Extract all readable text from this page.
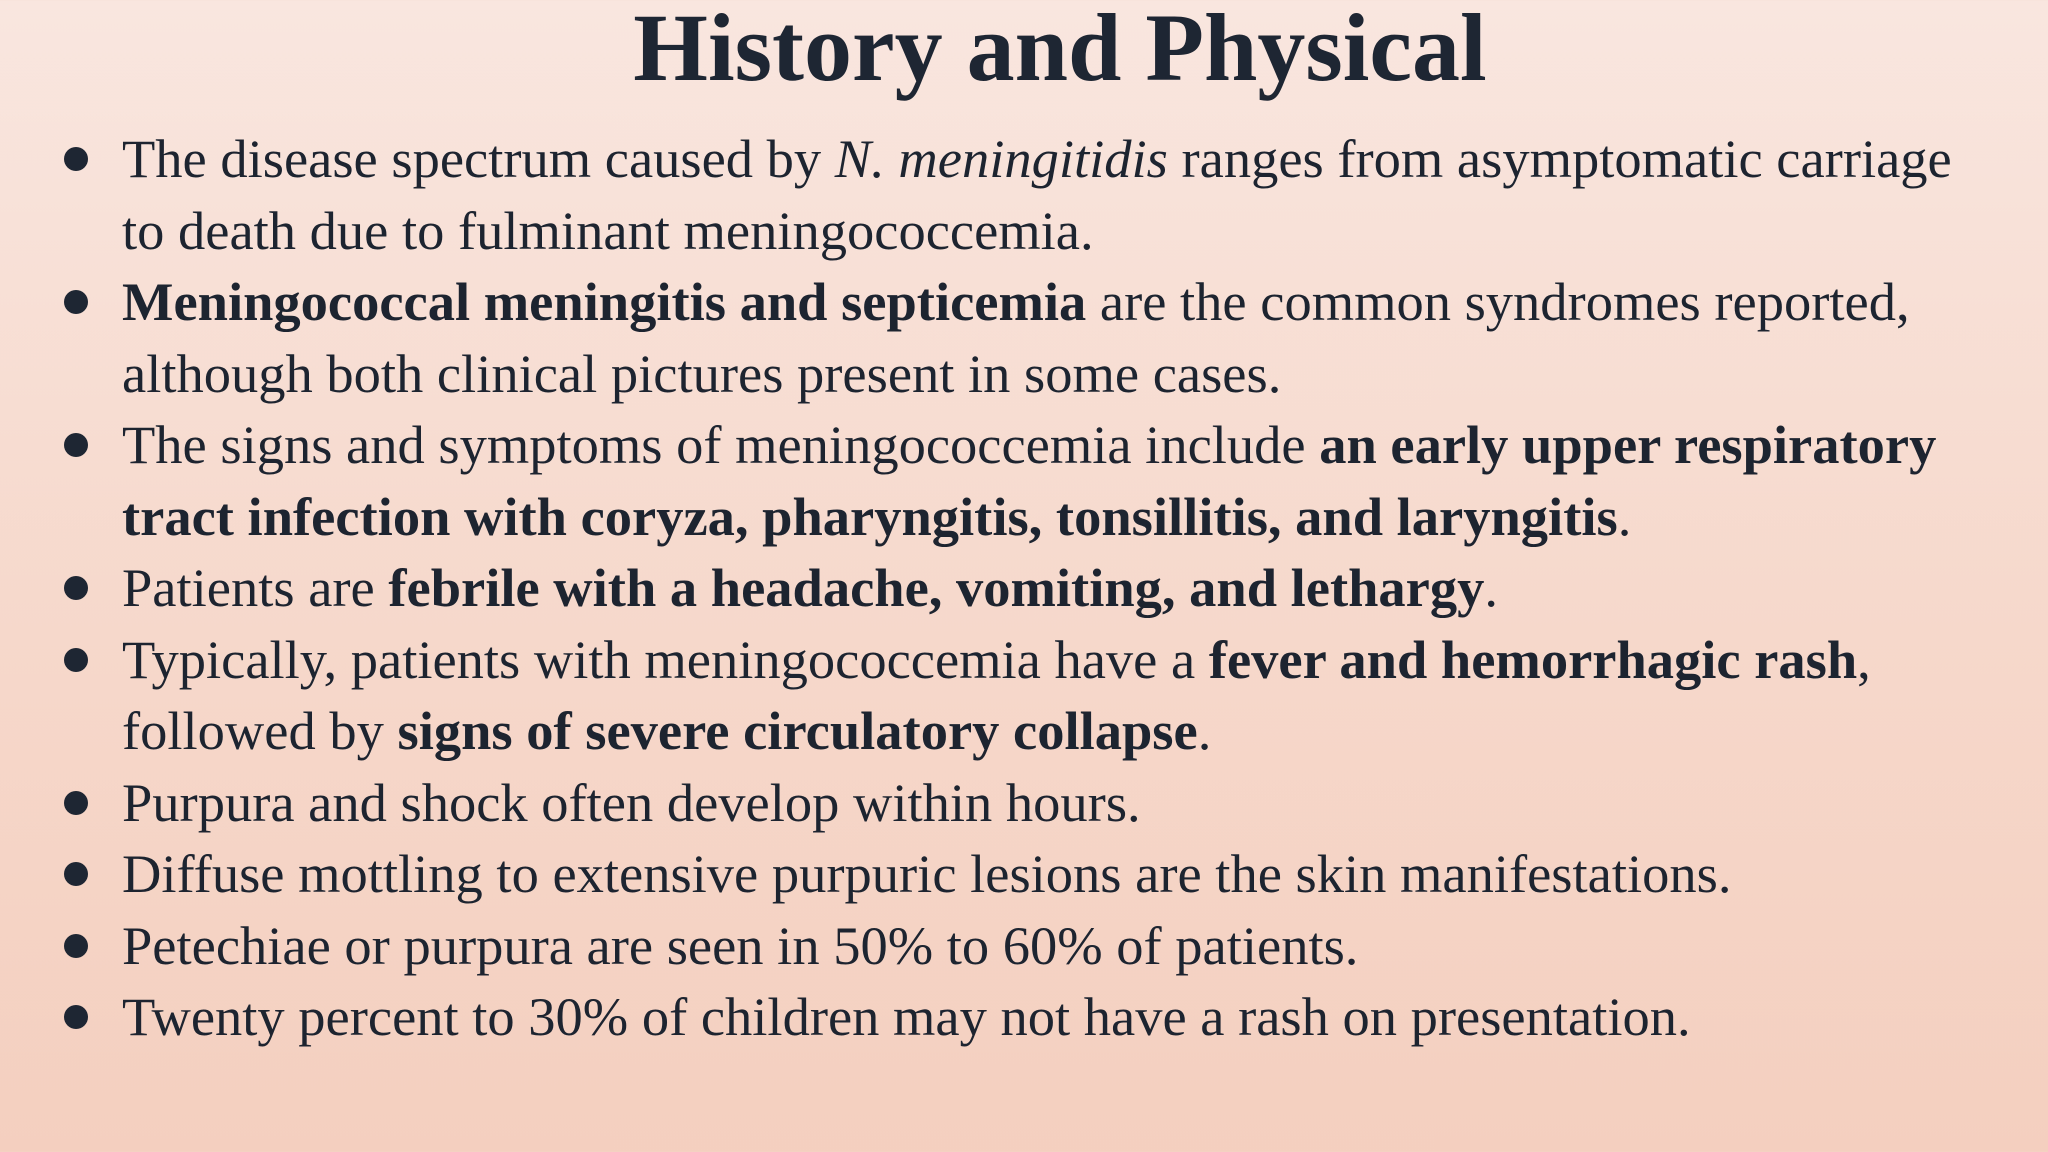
History and Physical
The disease spectrum caused by N. meningitidis ranges from asymptomatic carriage to death due to fulminant meningococcemia.
Meningococcal meningitis and septicemia are the common syndromes reported, although both clinical pictures present in some cases.
The signs and symptoms of meningococcemia include an early upper respiratory tract infection with coryza, pharyngitis, tonsillitis, and laryngitis.
Patients are febrile with a headache, vomiting, and lethargy.
Typically, patients with meningococcemia have a fever and hemorrhagic rash, followed by signs of severe circulatory collapse.
Purpura and shock often develop within hours.
Diffuse mottling to extensive purpuric lesions are the skin manifestations.
Petechiae or purpura are seen in 50% to 60% of patients.
Twenty percent to 30% of children may not have a rash on presentation.
